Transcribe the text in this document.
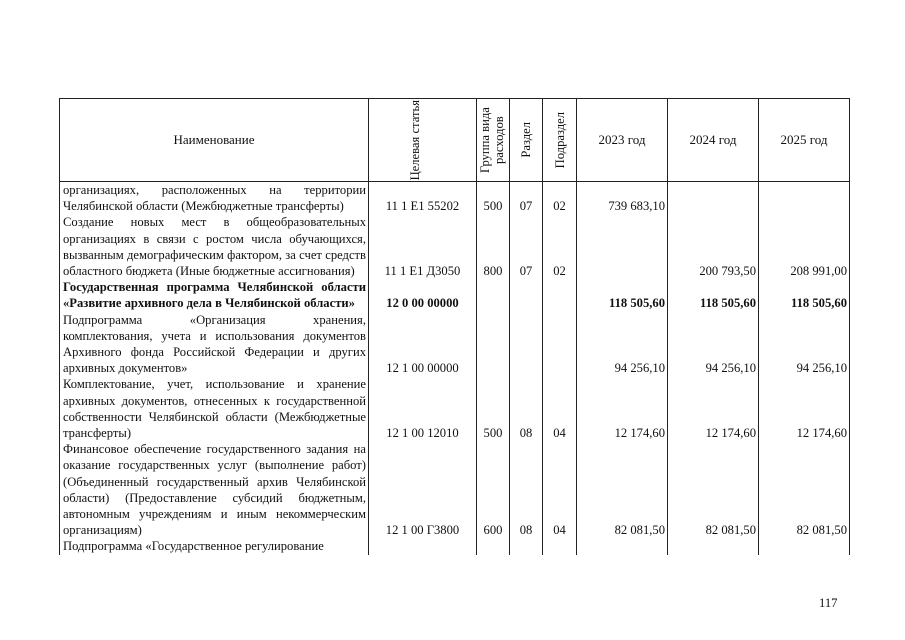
Наименование	Целевая статья	Группа вида расходов	Раздел	Подраздел	2023 год	2024 год	2025 год
организациях, расположенных на территории Челябинской области (Межбюджетные трансферты)	11 1 Е1 55202	500	07	02	739 683,10		
Создание новых мест в общеобразовательных организациях в связи с ростом числа обучающихся, вызванным демографическим фактором, за счет средств областного бюджета (Иные бюджетные ассигнования)	11 1 Е1 Д3050	800	07	02		200 793,50	208 991,00
Государственная программа Челябинской области «Развитие архивного дела в Челябинской области»	12 0 00 00000				118 505,60	118 505,60	118 505,60
Подпрограмма «Организация хранения, комплектования, учета и использования документов Архивного фонда Российской Федерации и других архивных документов»	12 1 00 00000				94 256,10	94 256,10	94 256,10
Комплектование, учет, использование и хранение архивных документов, отнесенных к государственной собственности Челябинской области (Межбюджетные трансферты)	12 1 00 12010	500	08	04	12 174,60	12 174,60	12 174,60
Финансовое обеспечение государственного задания на оказание государственных услуг (выполнение работ) (Объединенный государственный архив Челябинской области) (Предоставление субсидий бюджетным, автономным учреждениям и иным некоммерческим организациям)	12 1 00 Г3800	600	08	04	82 081,50	82 081,50	82 081,50
Подпрограмма «Государственное регулирование							
117
